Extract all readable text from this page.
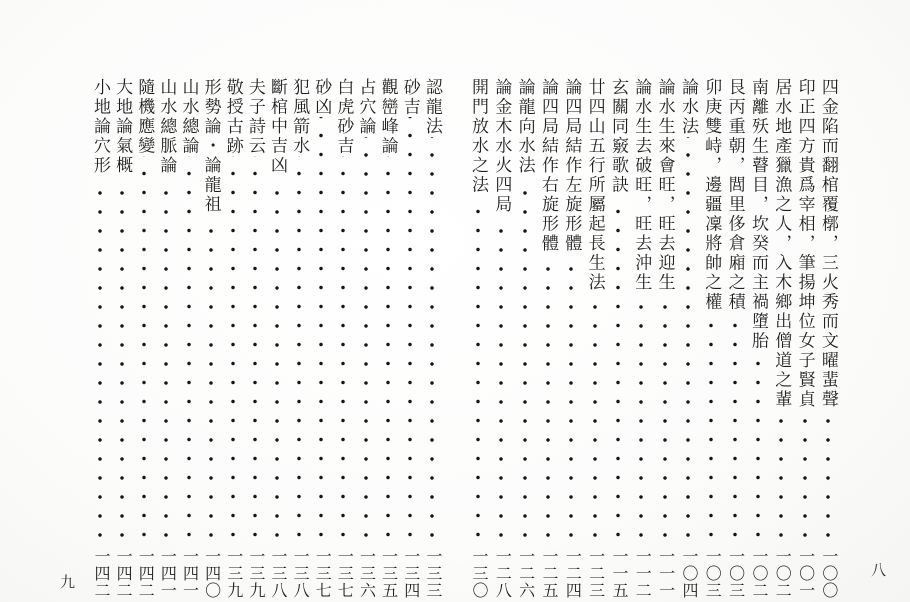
四金陷而翻棺覆槨，三火秀而文曜蜚聲
一〇〇
印正四方貴爲宰相，筆揚坤位女子賢貞
一〇一
居水地產獵漁之人，入木鄉出僧道之輩
一〇二
南離殀生瞽目，坎癸而主禍墮胎
一〇二
艮丙重朝，閭里侈倉廂之積
一〇三
卯庚雙峙，邊疆凜將帥之權
一〇三
論水法
一〇四
論水生來會旺，旺去迎生
一一一
論水生去破旺，旺去沖生
一一二
玄關同竅歌訣
一一五
廿四山五行所屬起長生法
一二三
論四局結作左旋形體
一二四
論四局結作右旋形體
一二五
論龍向水法
一二六
論金木水火四局
一二八
開門放水之法
一三〇
認龍法
一三三
砂吉
一三四
觀巒峰論
一三五
占穴論
一三六
白虎砂吉
一三七
砂凶
一三七
犯風箭水
一三八
斷棺中吉凶
一三八
夫子詩云
一三九
敬授古跡
一三九
形勢論・論龍祖
一四〇
山水總論
一四一
山水總脈論
一四一
隨機應變
一四二
大地論氣概
一四二
小地論穴形
一四二	八
九
